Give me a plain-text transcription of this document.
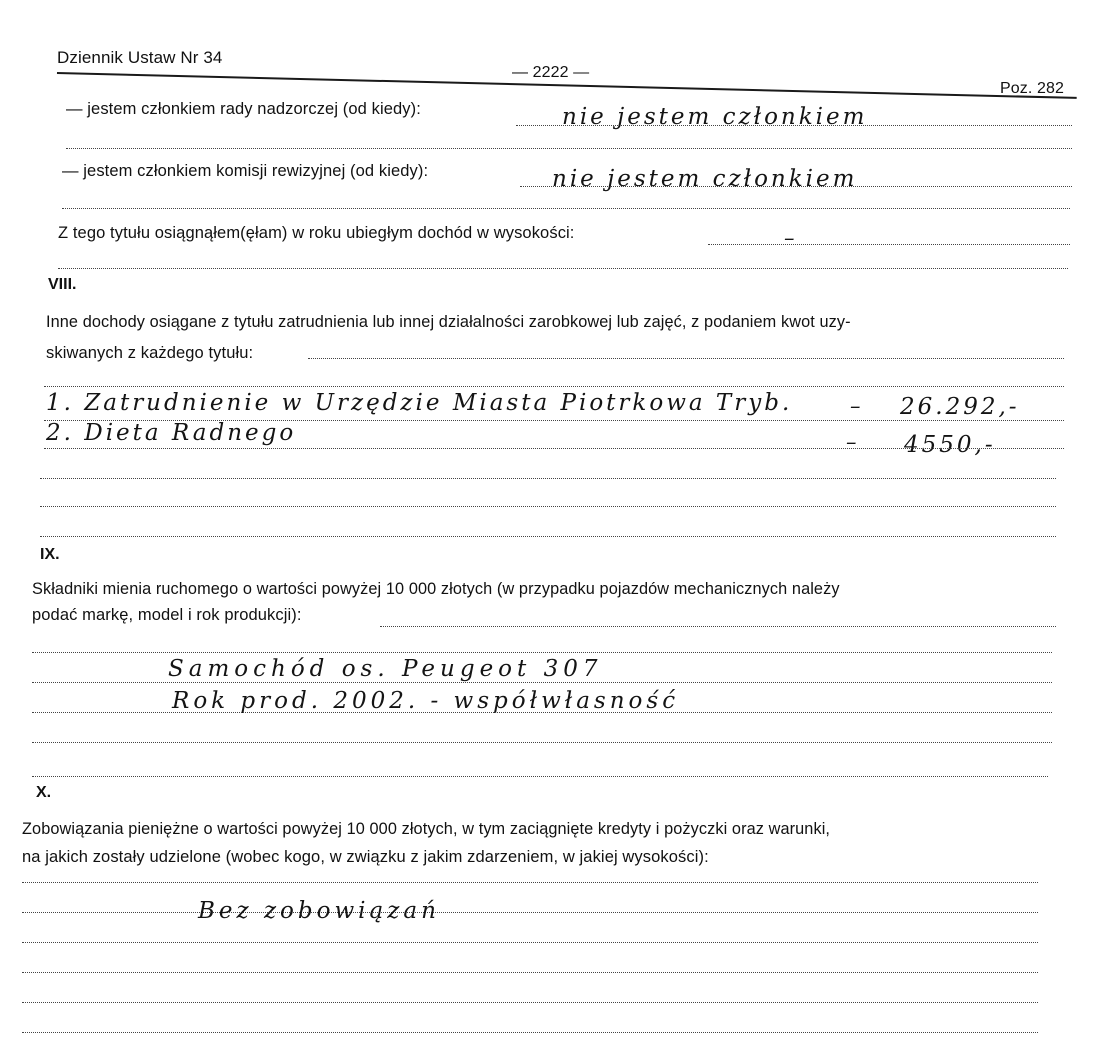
Dziennik Ustaw Nr 34
— 2222 —
Poz. 282
— jestem członkiem rady nadzorczej (od kiedy):	nie jestem członkiem
— jestem członkiem komisji rewizyjnej (od kiedy):	nie jestem członkiem
Z tego tytułu osiągnąłem(ęłam) w roku ubiegłym dochód w wysokości:	–
VIII.
Inne dochody osiągane z tytułu zatrudnienia lub innej działalności zarobkowej lub zajęć, z podaniem kwot uzy-
skiwanych z każdego tytułu:
1. Zatrudnienie w Urzędzie Miasta Piotrkowa Tryb.	– 26.292,-
2. Dieta Radnego	– 4550,-
IX.
Składniki mienia ruchomego o wartości powyżej 10 000 złotych (w przypadku pojazdów mechanicznych należy
podać markę, model i rok produkcji):
Samochód os. Peugeot 307
Rok prod. 2002. - współwłasność
X.
Zobowiązania pieniężne o wartości powyżej 10 000 złotych, w tym zaciągnięte kredyty i pożyczki oraz warunki,
na jakich zostały udzielone (wobec kogo, w związku z jakim zdarzeniem, w jakiej wysokości):
Bez zobowiązań
